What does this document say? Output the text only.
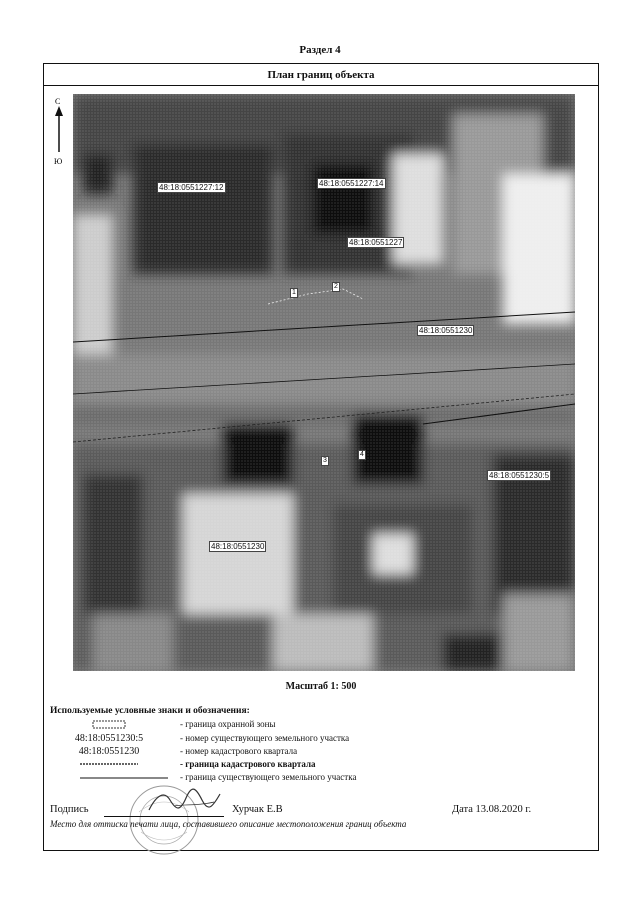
Раздел 4
План границ объекта
С
Ю
48:18:0551227:12	48:18:0551227:14
48:18:0551227
48:18:0551230
48:18:0551230:5
48:18:0551230
1
2
3
4
Масштаб 1: 500
Используемые условные знаки и обозначения:
- граница охранной зоны
48:18:0551230:5	- номер существующего земельного участка
48:18:0551230	- номер кадастрового квартала
- граница кадастрового квартала
- граница существующего земельного участка
Подпись	Хурчак Е.В	Дата 13.08.2020 г.
Место для оттиска печати лица, составившего описание местоположения границ объекта
